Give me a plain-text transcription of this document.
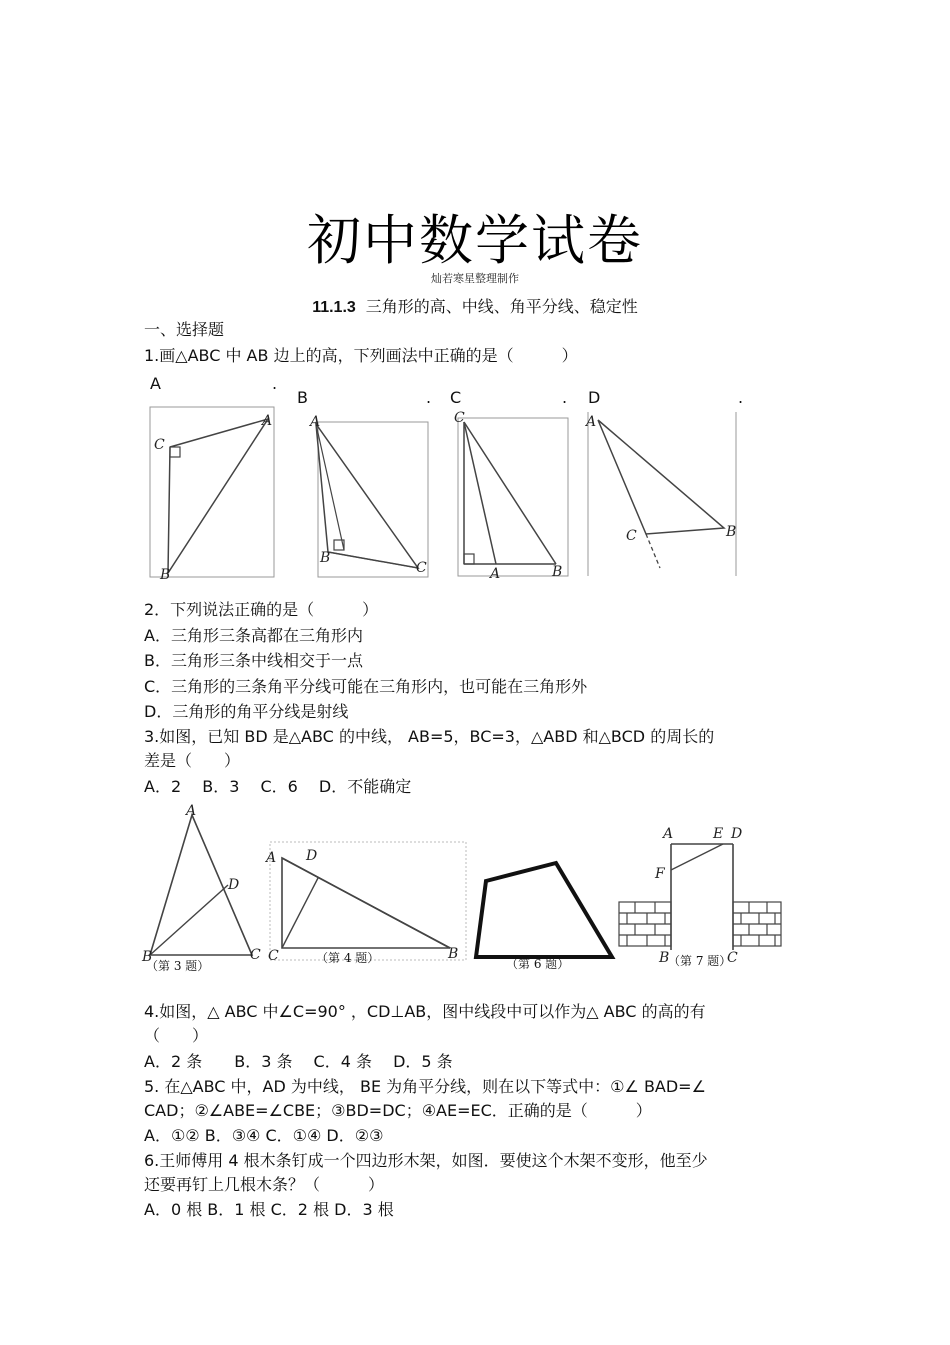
初中数学试卷
灿若寒星整理制作
11.1.3 三角形的高、中线、角平分线、稳定性
一、选择题
1.画△ABC 中 AB 边上的高，下列画法中正确的是（　　　）
A	.
B	. C	. D	.
C
A
B
A
B
C
C
A	B
A
B
C
2．下列说法正确的是（　　　）
A．三角形三条高都在三角形内
B．三角形三条中线相交于一点
C．三角形的三条角平分线可能在三角形内，也可能在三角形外
D．三角形的角平分线是射线
3.如图，已知 BD 是△ABC 的中线， AB=5，BC=3，△ABD 和△BCD 的周长的
差是（　　）
A．2　 B．3　 C．6　 D．不能确定
A
D
B	C
（第 3 题）
A D
C	B
（第 4 题）	（第 6 题）
A	E D
F
B	C
（第 7 题）
4.如图，△ ABC 中∠C=90° ，CD⊥AB，图中线段中可以作为△ ABC 的高的有
（　　）
A．2 条　　B．3 条　 C．4 条　 D．5 条
5. 在△ABC 中，AD 为中线， BE 为角平分线，则在以下等式中：①∠ BAD=∠
CAD；②∠ABE=∠CBE；③BD=DC；④AE=EC．正确的是（　　　）
A．①② B．③④ C．①④ D．②③
6.王师傅用 4 根木条钉成一个四边形木架，如图．要使这个木架不变形，他至少
还要再钉上几根木条？（　　　）
A．0 根 B．1 根 C．2 根 D．3 根
